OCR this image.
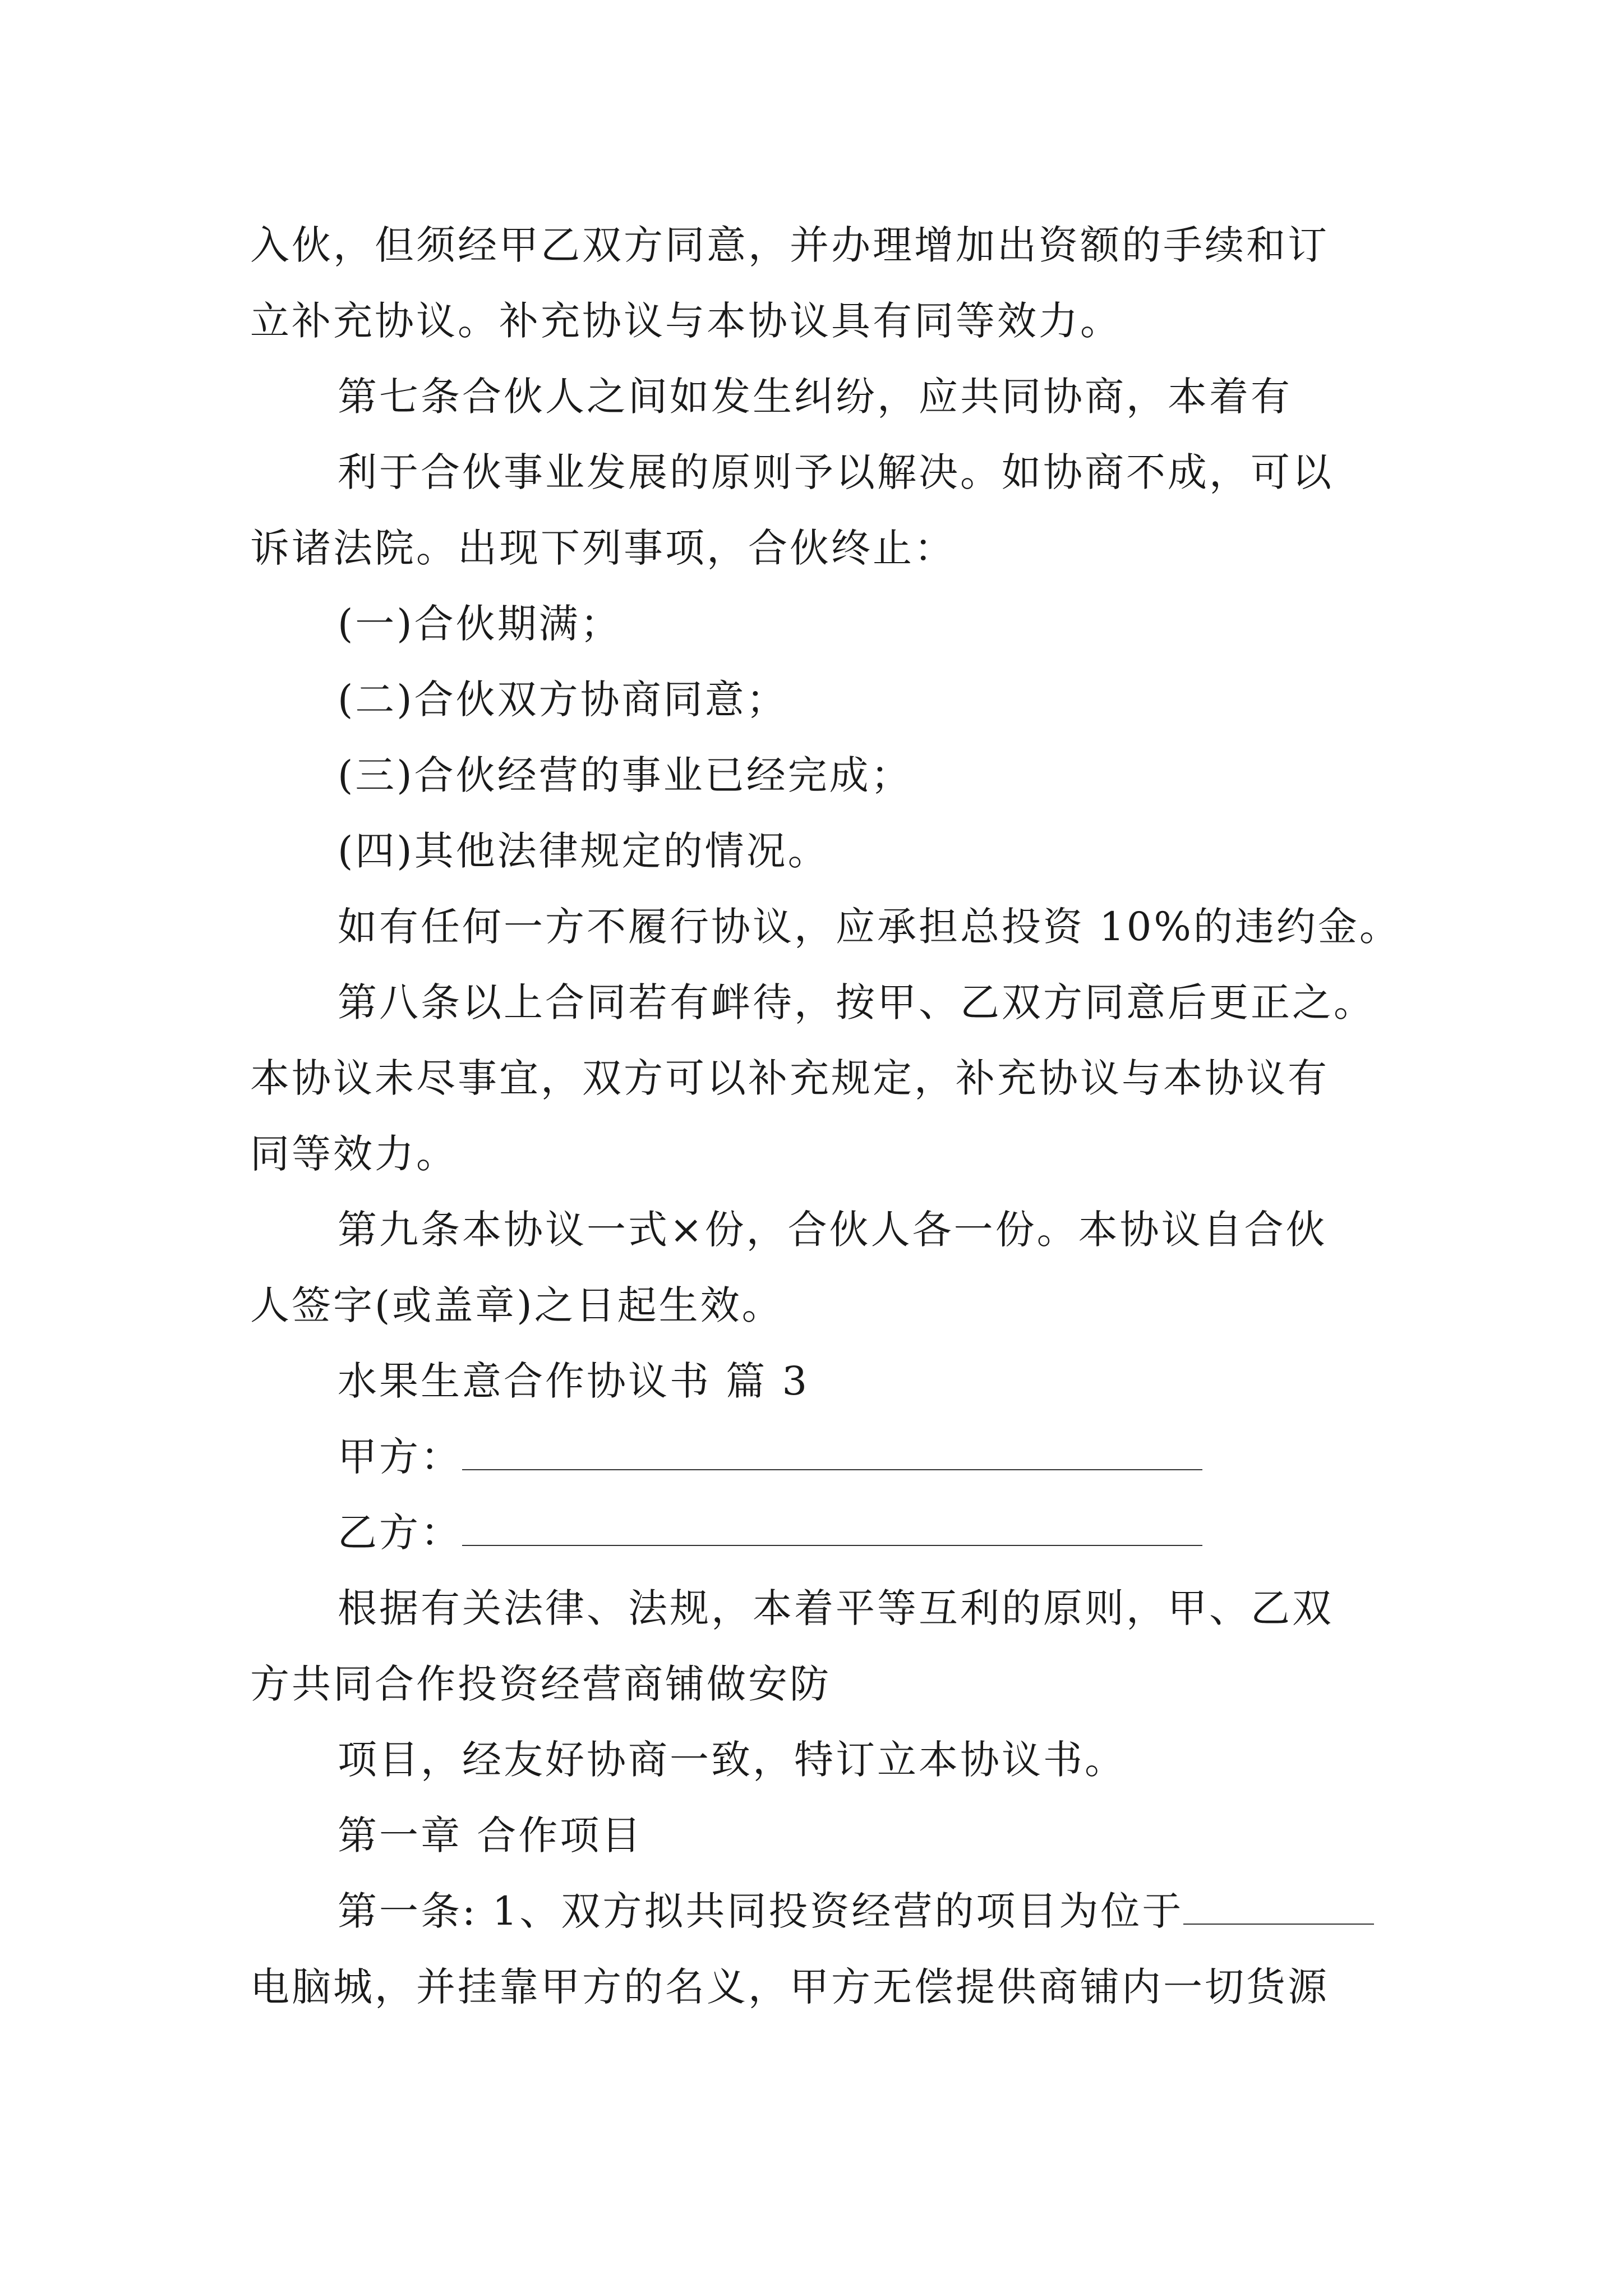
入伙，但须经甲乙双方同意，并办理增加出资额的手续和订
立补充协议。补充协议与本协议具有同等效力。
第七条合伙人之间如发生纠纷，应共同协商，本着有
利于合伙事业发展的原则予以解决。如协商不成，可以
诉诸法院。出现下列事项，合伙终止：
(一)合伙期满；
(二)合伙双方协商同意；
(三)合伙经营的事业已经完成；
(四)其他法律规定的情况。
如有任何一方不履行协议，应承担总投资 10%的违约金。
第八条以上合同若有衅待，按甲、乙双方同意后更正之。
本协议未尽事宜，双方可以补充规定，补充协议与本协议有
同等效力。
第九条本协议一式×份，合伙人各一份。本协议自合伙
人签字(或盖章)之日起生效。
水果生意合作协议书 篇 3
甲方：
乙方：
根据有关法律、法规，本着平等互利的原则，甲、乙双
方共同合作投资经营商铺做安防
项目，经友好协商一致，特订立本协议书。
第一章 合作项目
第一条: 1、双方拟共同投资经营的项目为位于
电脑城，并挂靠甲方的名义，甲方无偿提供商铺内一切货源
